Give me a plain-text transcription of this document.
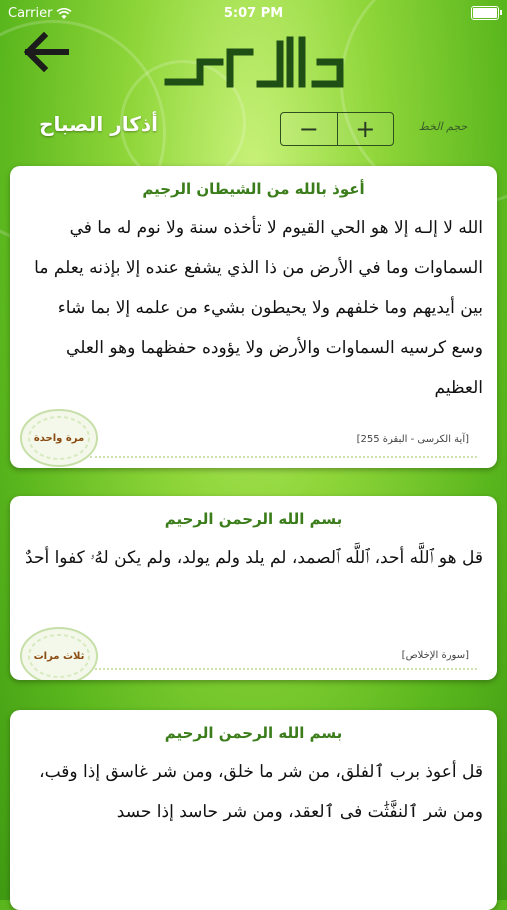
Carrier	5:07 PM
أذكار الصباح	−	+	حجم الخط
أعوذ بالله من الشيطان الرجيم
الله لا إلـه إلا هو الحي القيوم لا تأخذه سنة ولا نوم له ما في السماوات وما في الأرض من ذا الذي يشفع عنده إلا بإذنه يعلم ما بين أيديهم وما خلفهم ولا يحيطون بشيء من علمه إلا بما شاء وسع كرسيه السماوات والأرض ولا يؤوده حفظهما وهو العلي العظيم
[آية الكرسى - البقرة 255]
مرة واحدة
بسم الله الرحمن الرحيم
قل هو ٱللَّه أحد، ٱللَّه ٱلصمد، لم يلد ولم يولد، ولم يكن لهُۥ كفوا أحدٌ
[سورة الإخلاص]
ثلاث مرات
بسم الله الرحمن الرحيم
قل أعوذ برب ٱلفلق، من شر ما خلق، ومن شر غاسق إذا وقب، ومن شر ٱلنفَّثَٰت فى ٱلعقد، ومن شر حاسد إذا حسد
